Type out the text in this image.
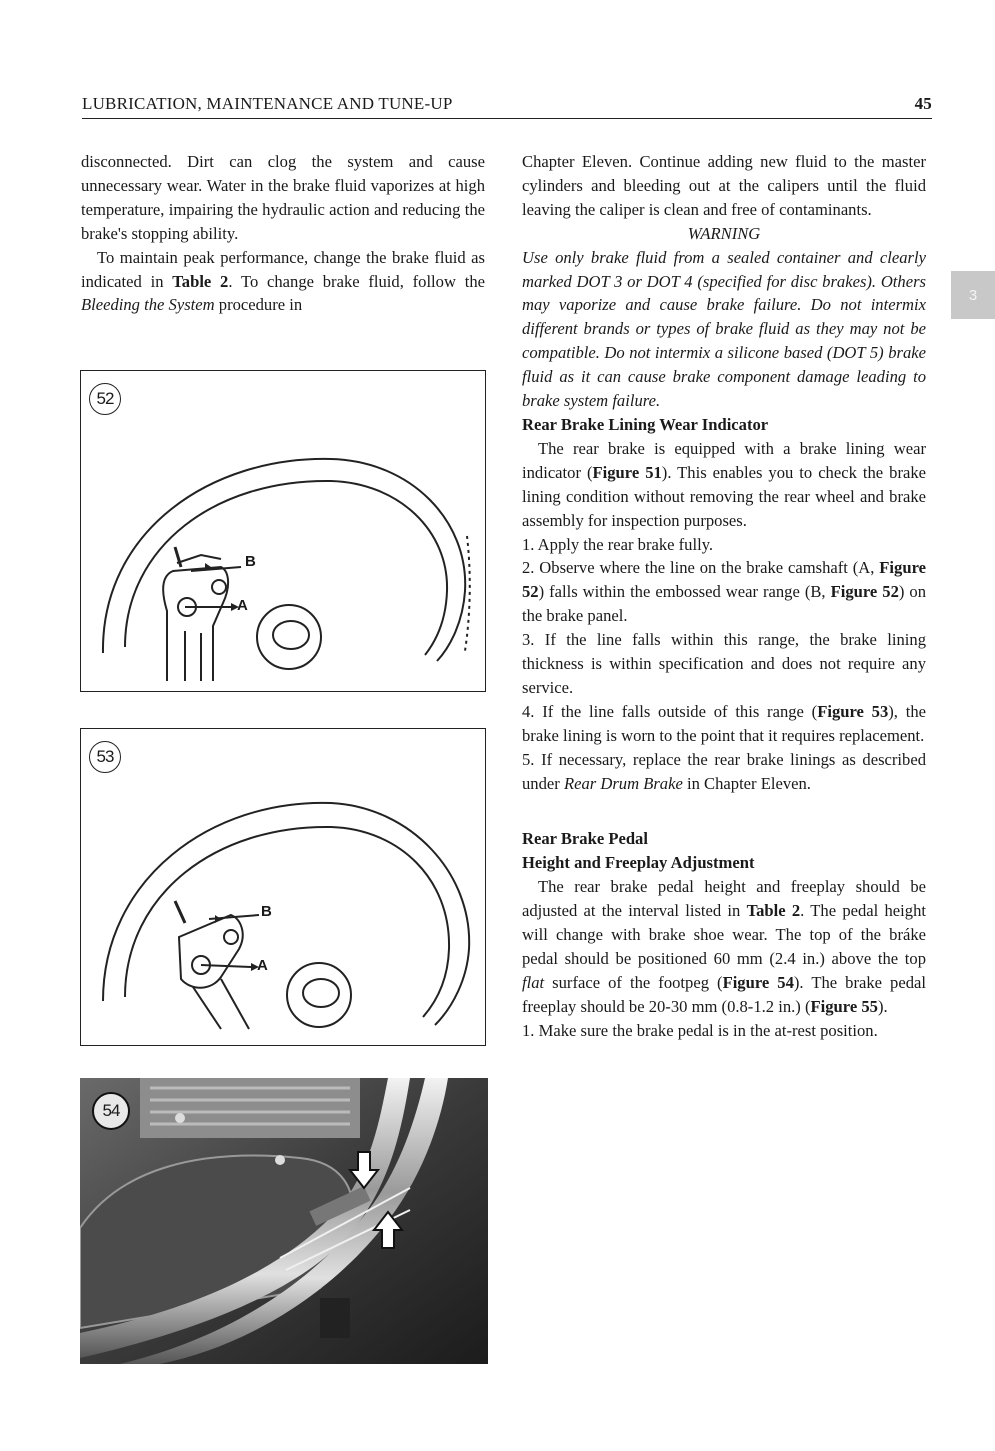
LUBRICATION, MAINTENANCE AND TUNE-UP	45
3

disconnected. Dirt can clog the system and cause unnecessary wear. Water in the brake fluid vaporizes at high temperature, impairing the hydraulic action and reducing the brake's stopping ability.

To maintain peak performance, change the brake fluid as indicated in Table 2. To change brake fluid, follow the Bleeding the System procedure in

52
B
A
53
B
A
54

Chapter Eleven. Continue adding new fluid to the master cylinders and bleeding out at the calipers until the fluid leaving the caliper is clean and free of contaminants.

WARNING

Use only brake fluid from a sealed container and clearly marked DOT 3 or DOT 4 (specified for disc brakes). Others may vaporize and cause brake failure. Do not intermix different brands or types of brake fluid as they may not be compatible. Do not intermix a silicone based (DOT 5) brake fluid as it can cause brake component damage leading to brake system failure.

Rear Brake Lining Wear Indicator

The rear brake is equipped with a brake lining wear indicator (Figure 51). This enables you to check the brake lining condition without removing the rear wheel and brake assembly for inspection purposes.

1. Apply the rear brake fully.

2. Observe where the line on the brake camshaft (A, Figure 52) falls within the embossed wear range (B, Figure 52) on the brake panel.

3. If the line falls within this range, the brake lining thickness is within specification and does not require any service.

4. If the line falls outside of this range (Figure 53), the brake lining is worn to the point that it requires replacement.

5. If necessary, replace the rear brake linings as described under Rear Drum Brake in Chapter Eleven.

Rear Brake Pedal

Height and Freeplay Adjustment

The rear brake pedal height and freeplay should be adjusted at the interval listed in Table 2. The pedal height will change with brake shoe wear. The top of the bráke pedal should be positioned 60 mm (2.4 in.) above the top flat surface of the footpeg (Figure 54). The brake pedal freeplay should be 20-30 mm (0.8-1.2 in.) (Figure 55).

1. Make sure the brake pedal is in the at-rest position.
